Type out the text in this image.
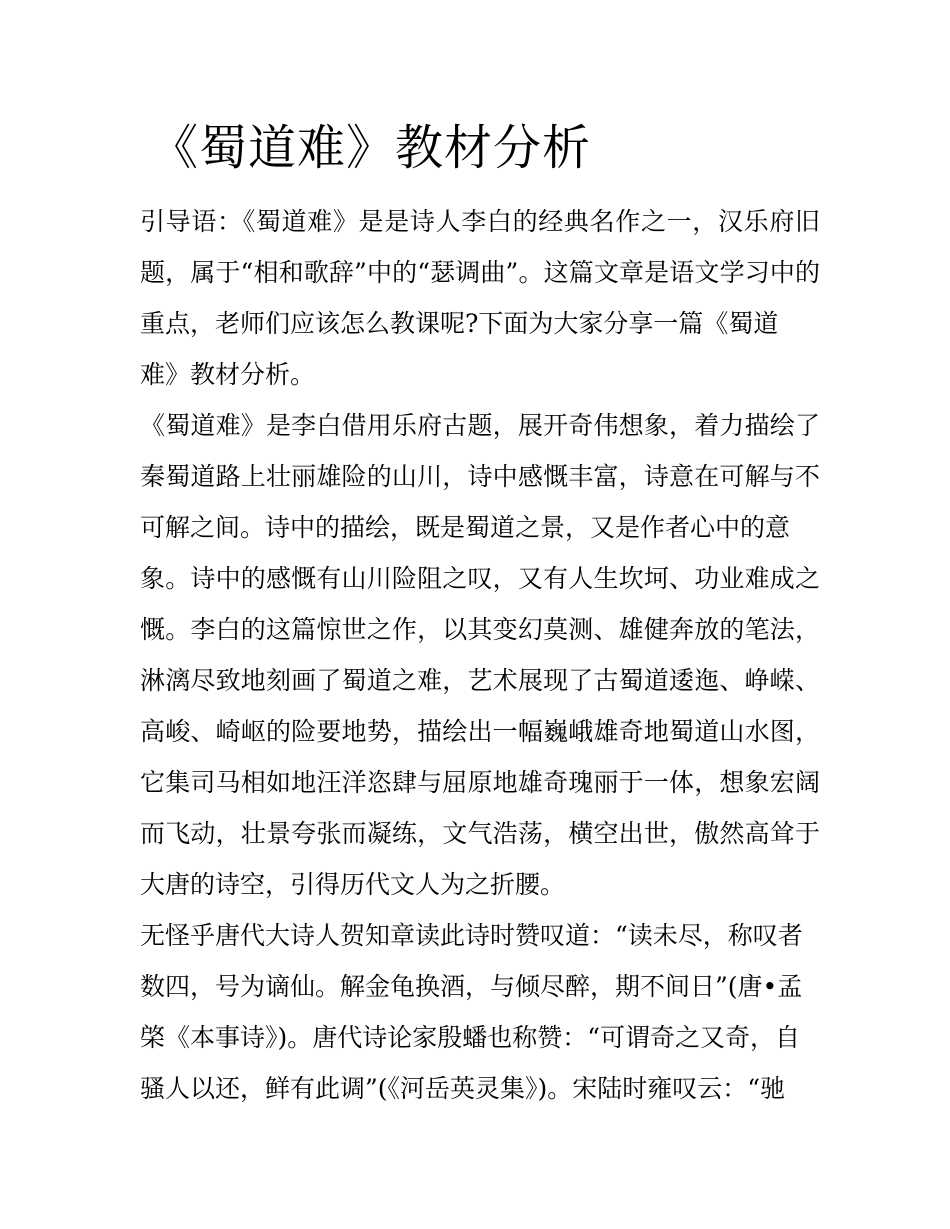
《蜀道难》教材分析
引导语：《蜀道难》是是诗人李白的经典名作之一，汉乐府旧
题，属于“相和歌辞”中的“瑟调曲”。这篇文章是语文学习中的
重点，老师们应该怎么教课呢?下面为大家分享一篇《蜀道
难》教材分析。
《蜀道难》是李白借用乐府古题，展开奇伟想象，着力描绘了
秦蜀道路上壮丽雄险的山川，诗中感慨丰富，诗意在可解与不
可解之间。诗中的描绘，既是蜀道之景，又是作者心中的意
象。诗中的感慨有山川险阻之叹，又有人生坎坷、功业难成之
慨。李白的这篇惊世之作，以其变幻莫测、雄健奔放的笔法，
淋漓尽致地刻画了蜀道之难，艺术展现了古蜀道逶迤、峥嵘、
高峻、崎岖的险要地势，描绘出一幅巍峨雄奇地蜀道山水图，
它集司马相如地汪洋恣肆与屈原地雄奇瑰丽于一体，想象宏阔
而飞动，壮景夸张而凝练，文气浩荡，横空出世，傲然高耸于
大唐的诗空，引得历代文人为之折腰。
无怪乎唐代大诗人贺知章读此诗时赞叹道：“读未尽，称叹者
数四，号为谪仙。解金龟换酒，与倾尽醉，期不间日”(唐•孟
棨《本事诗》)。唐代诗论家殷蟠也称赞：“可谓奇之又奇，自
骚人以还，鲜有此调”(《河岳英灵集》)。宋陆时雍叹云：“驰
